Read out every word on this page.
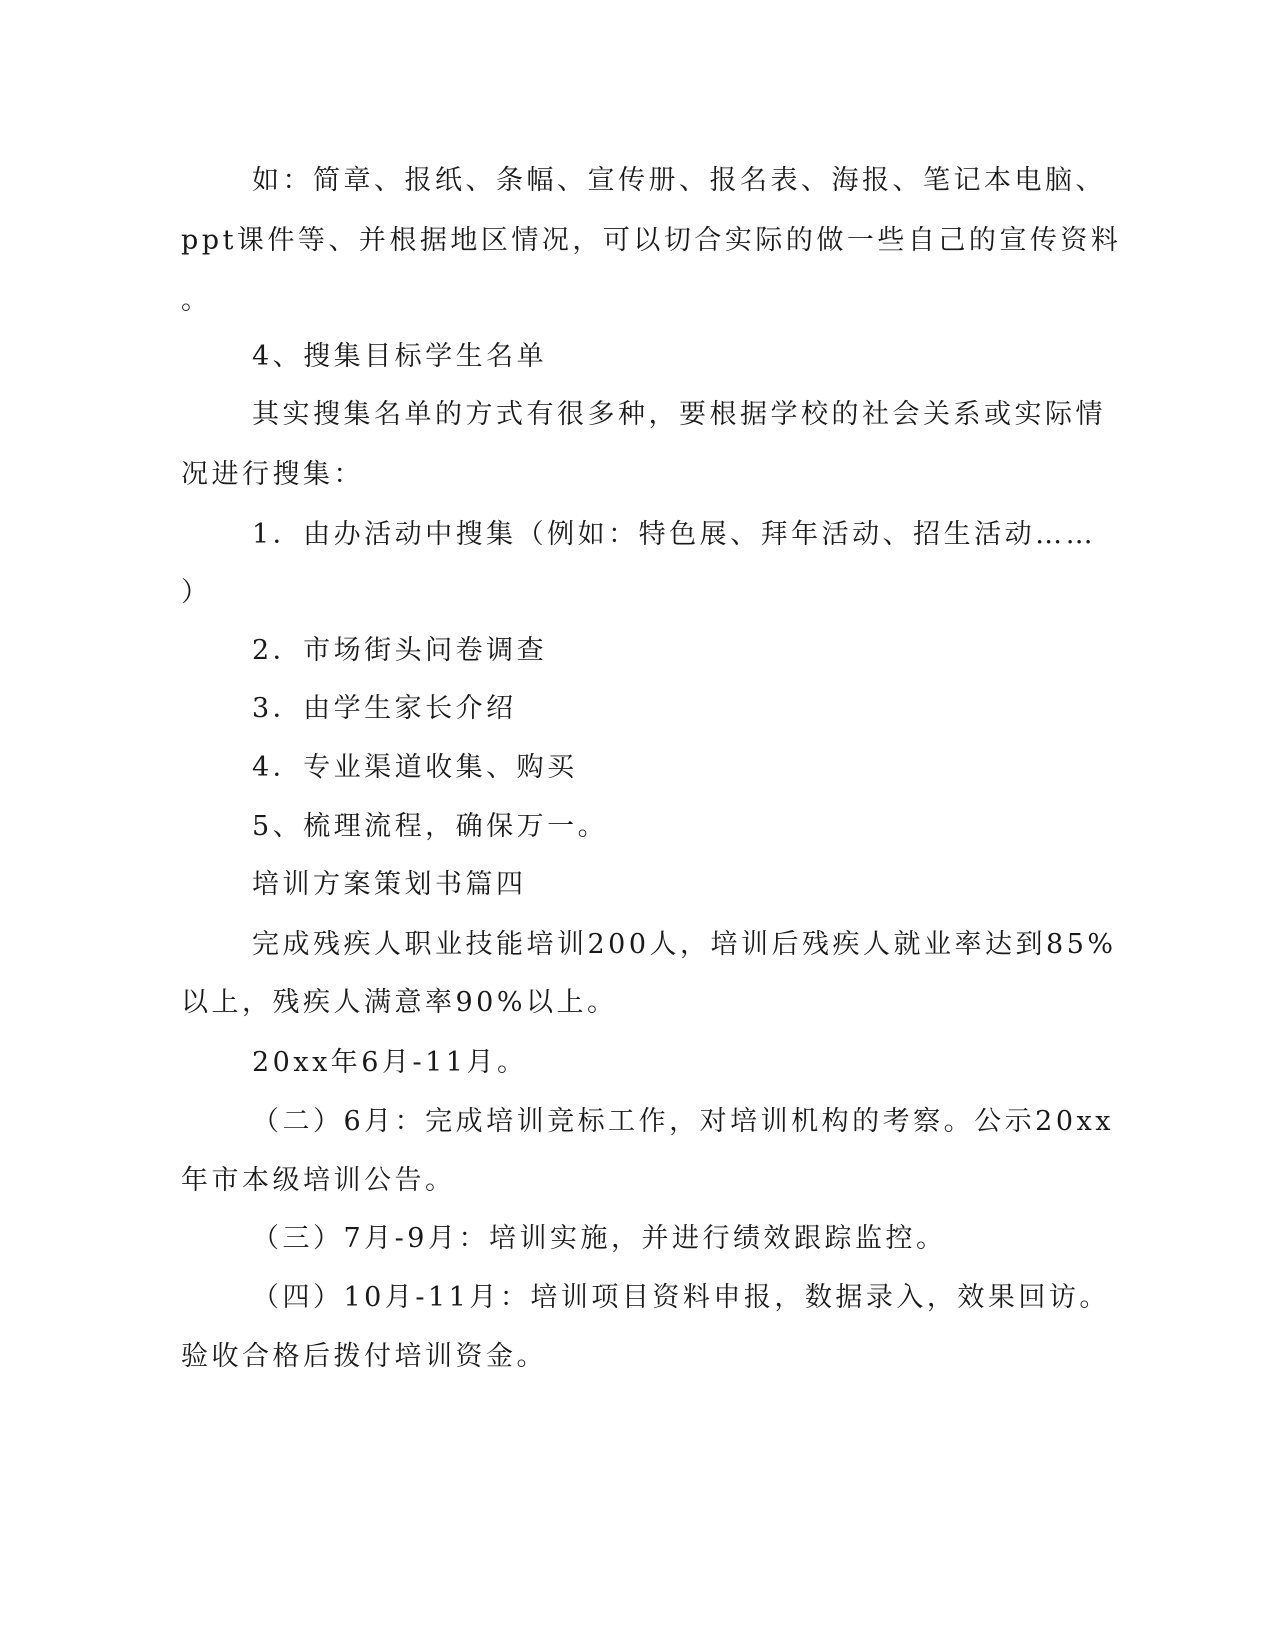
如：简章、报纸、条幅、宣传册、报名表、海报、笔记本电脑、
ppt课件等、并根据地区情况，可以切合实际的做一些自己的宣传资料
。
4、搜集目标学生名单
其实搜集名单的方式有很多种，要根据学校的社会关系或实际情
况进行搜集：
1．由办活动中搜集（例如：特色展、拜年活动、招生活动……
）
2．市场街头问卷调查
3．由学生家长介绍
4．专业渠道收集、购买
5、梳理流程，确保万一。
培训方案策划书篇四
完成残疾人职业技能培训200人，培训后残疾人就业率达到85%
以上，残疾人满意率90%以上。
20xx年6月-11月。
（二）6月：完成培训竞标工作，对培训机构的考察。公示20xx
年市本级培训公告。
（三）7月-9月：培训实施，并进行绩效跟踪监控。
（四）10月-11月：培训项目资料申报，数据录入，效果回访。
验收合格后拨付培训资金。
